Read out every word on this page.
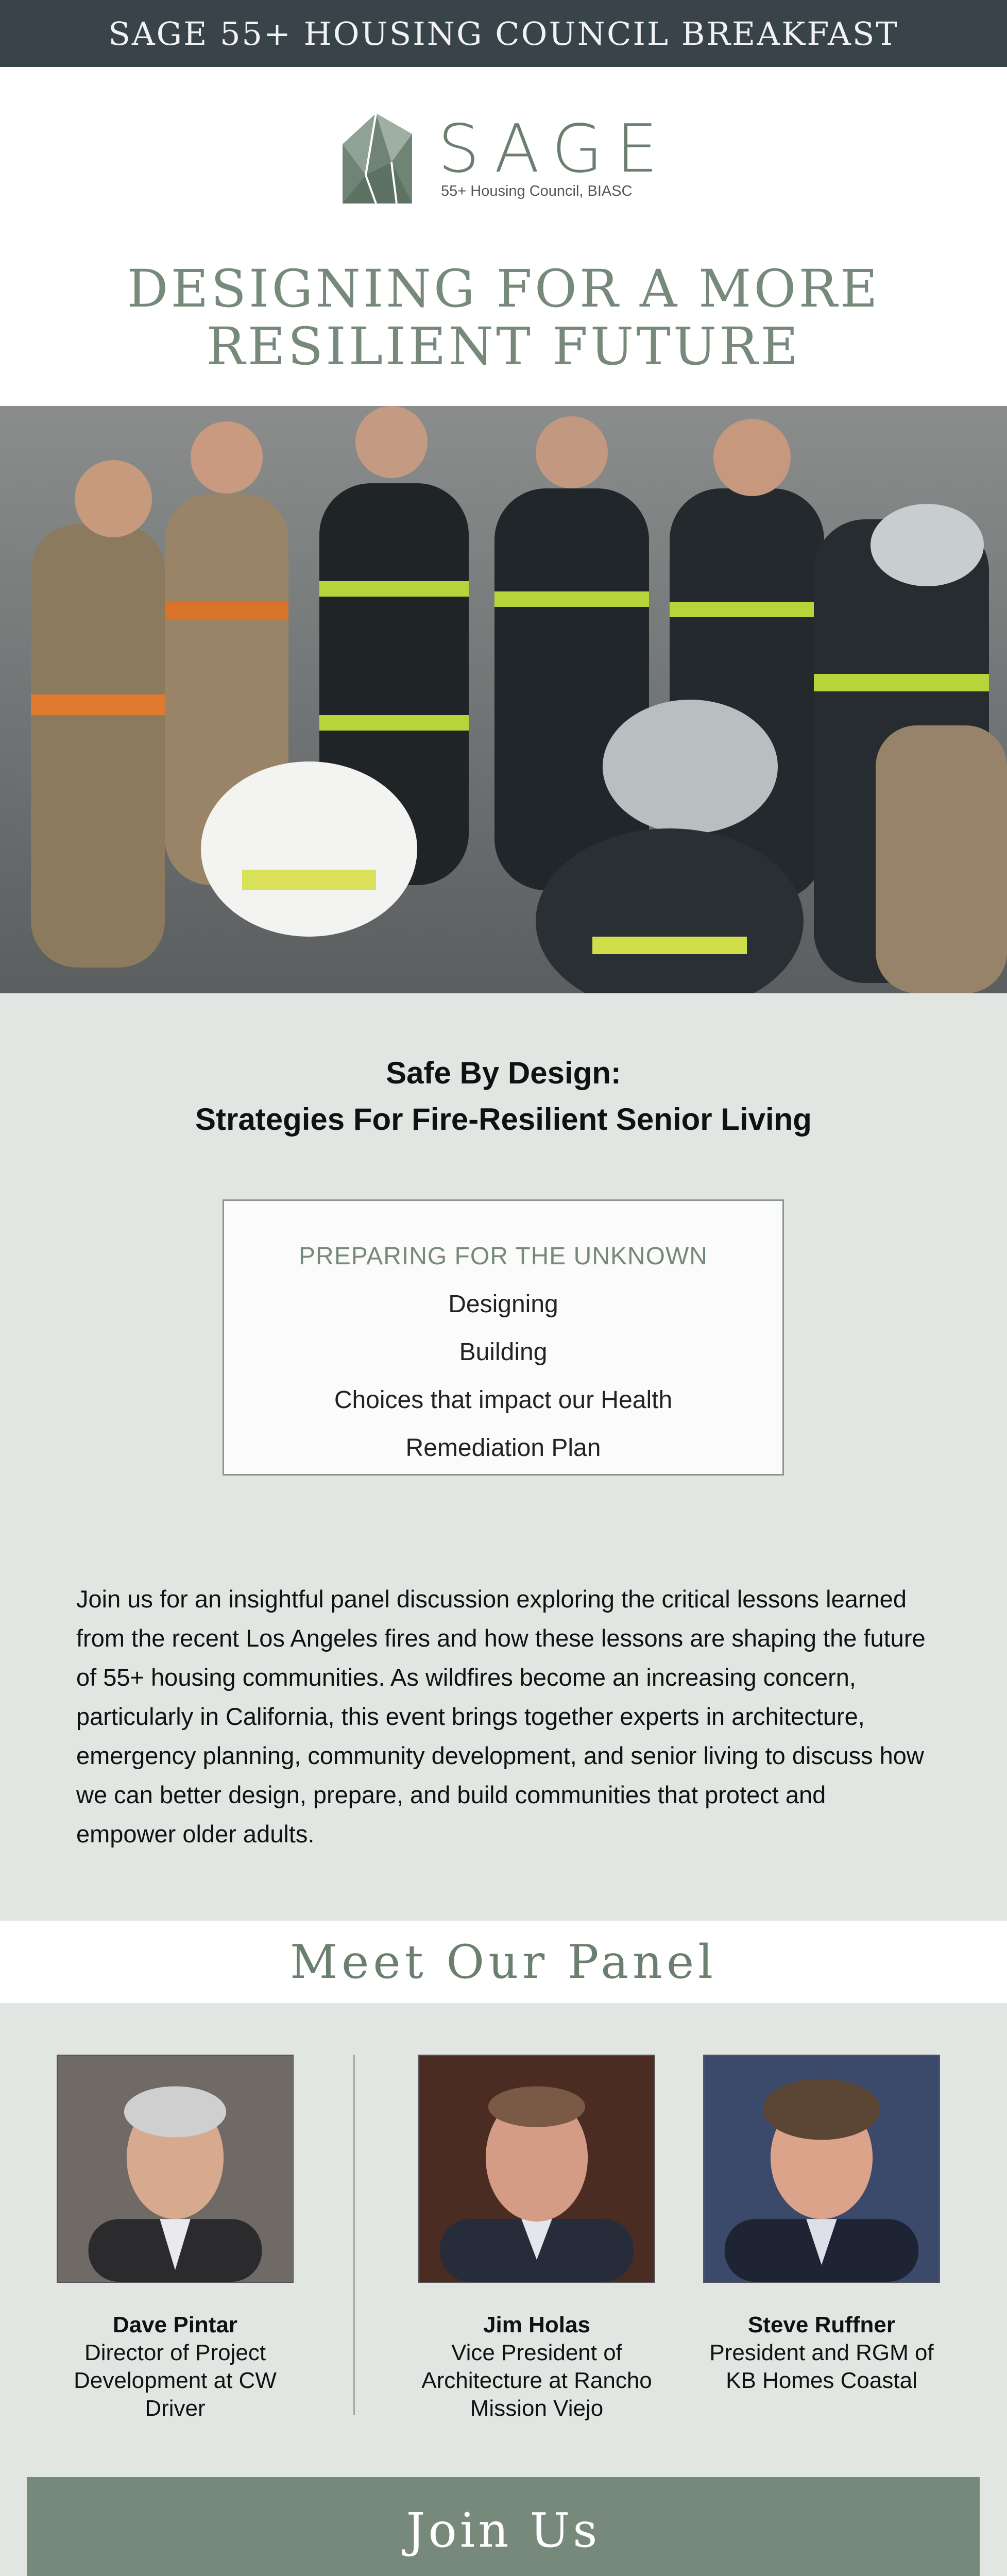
SAGE 55+ HOUSING COUNCIL BREAKFAST
SAGE
55+ Housing Council, BIASC
DESIGNING FOR A MORE
RESILIENT FUTURE
Safe By Design:
Strategies For Fire-Resilient Senior Living
PREPARING FOR THE UNKNOWN
Designing
Building
Choices that impact our Health
Remediation Plan
Join us for an insightful panel discussion exploring the critical lessons learned from the recent Los Angeles fires and how these lessons are shaping the future of 55+ housing communities. As wildfires become an increasing concern, particularly in California, this event brings together experts in architecture, emergency planning, community development, and senior living to discuss how we can better design, prepare, and build communities that protect and empower older adults.
Meet Our Panel
Dave Pintar
Director of Project Development at CW Driver
Jim Holas
Vice President of Architecture at Rancho Mission Viejo
Steve Ruffner
President and RGM of KB Homes Coastal
Join Us
